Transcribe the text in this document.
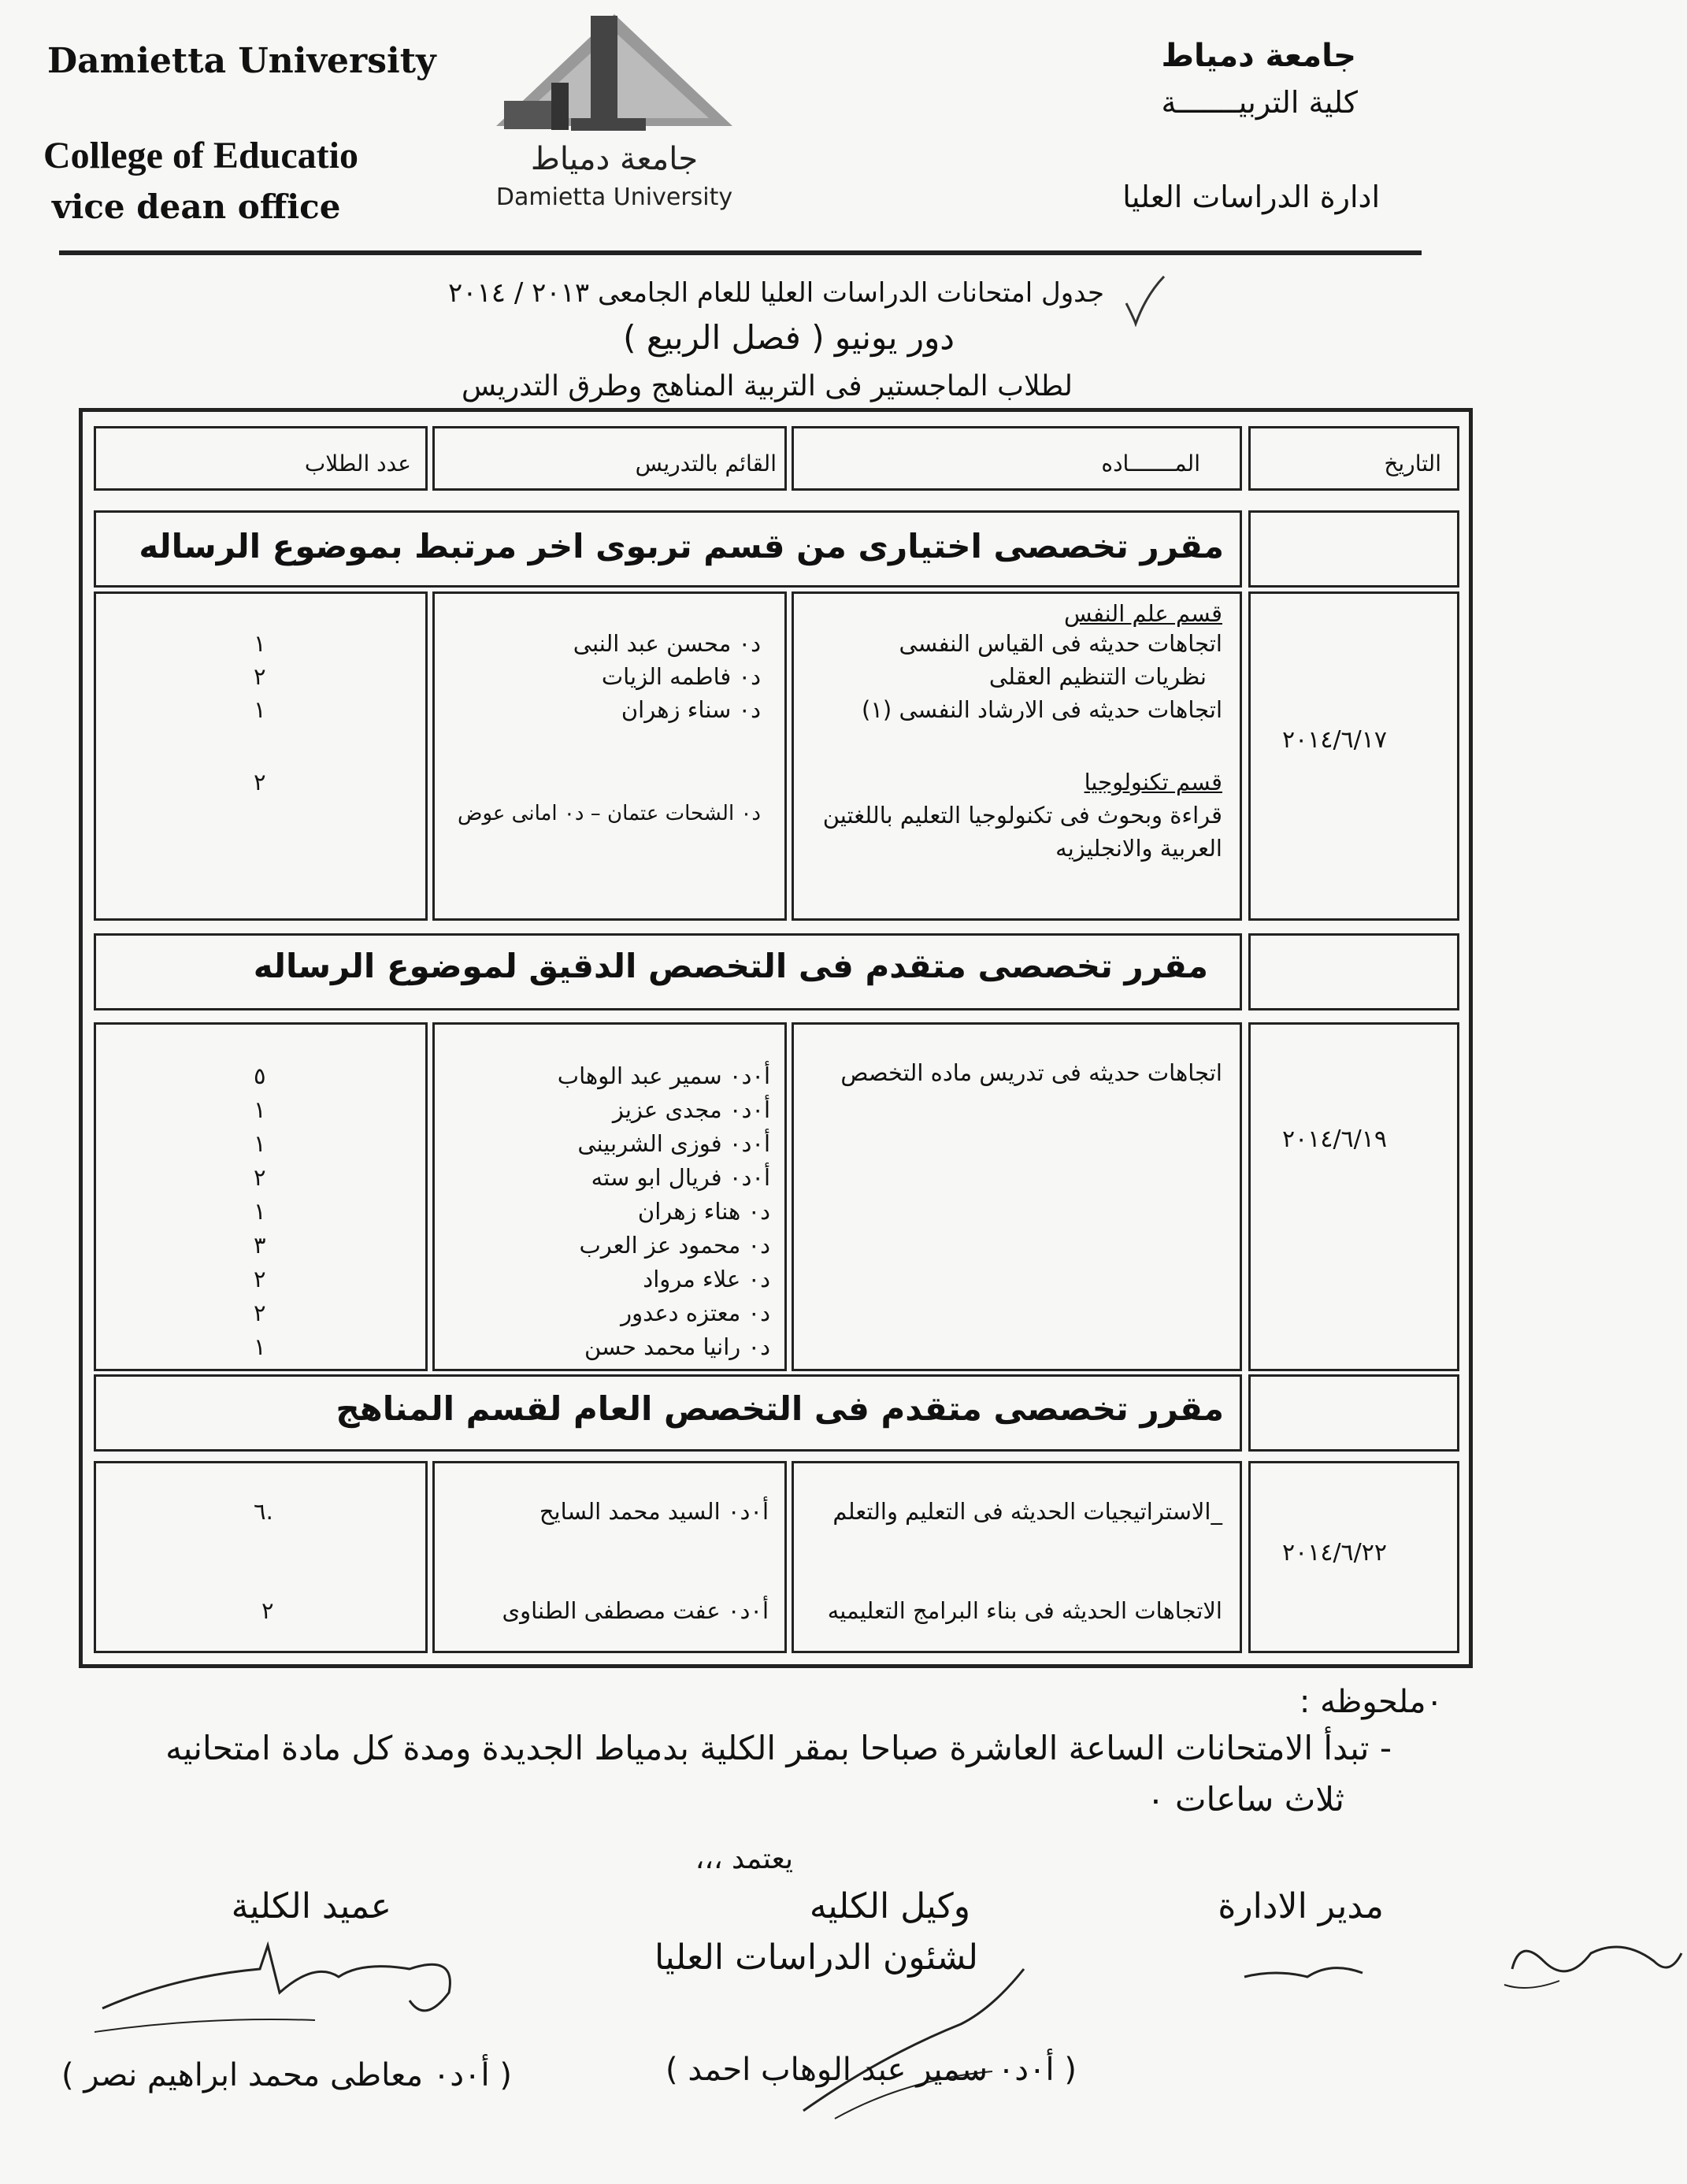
Damietta University
College of Educatio
vice dean office
جامعة دمياط
Damietta University
جامعة دمياط
كلية التربيـــــــة
ادارة الدراسات العليا
جدول امتحانات الدراسات العليا للعام الجامعى ٢٠١٣ / ٢٠١٤
دور يونيو ( فصل الربيع )
لطلاب الماجستير فى التربية المناهج وطرق التدريس
التاريخ
المـــــــاده
القائم بالتدريس
عدد الطلاب
مقرر تخصصى اختيارى من قسم تربوى اخر مرتبط بموضوع الرساله
٢٠١٤/٦/١٧
قسم علم النفس
اتجاهات حديثه فى القياس النفسى
نظريات التنظيم العقلى
اتجاهات حديثه فى الارشاد النفسى (١)
قسم تكنولوجيا
قراءة وبحوث فى تكنولوجيا التعليم باللغتين
العربية والانجليزيه
د٠ محسن عبد النبى
د٠ فاطمه الزيات
د٠ سناء زهران
د٠ الشحات عتمان – د٠ امانى عوض
١
٢
١
٢
مقرر تخصصى متقدم فى التخصص الدقيق لموضوع الرساله
٢٠١٤/٦/١٩
اتجاهات حديثه فى تدريس ماده التخصص
أ٠د٠ سمير عبد الوهاب
أ٠د٠ مجدى عزيز
أ٠د٠ فوزى الشربينى
أ٠د٠ فريال ابو سته
د٠ هناء زهران
د٠ محمود عز العرب
د٠ علاء مرواد
د٠ معتزه دعدور
د٠ رانيا محمد حسن
٥
١
١
٢
١
٣
٢
٢
١
مقرر تخصصى متقدم فى التخصص العام لقسم المناهج
٢٠١٤/٦/٢٢
_الاستراتيجيات الحديثه فى التعليم والتعلم
الاتجاهات الحديثه فى بناء البرامج التعليميه
أ٠د٠ السيد محمد السايح
أ٠د٠ عفت مصطفى الطناوى
٦.
٢
٠ملحوظه :
- تبدأ الامتحانات الساعة العاشرة صباحا بمقر الكلية بدمياط الجديدة ومدة كل مادة امتحانيه
ثلاث ساعات ٠
يعتمد ،،،
عميد الكلية	وكيل الكليه
لشئون الدراسات العليا
مدير الادارة
( أ٠د٠ معاطى محمد ابراهيم نصر )	( أ٠د٠ سمير عبد الوهاب احمد )
